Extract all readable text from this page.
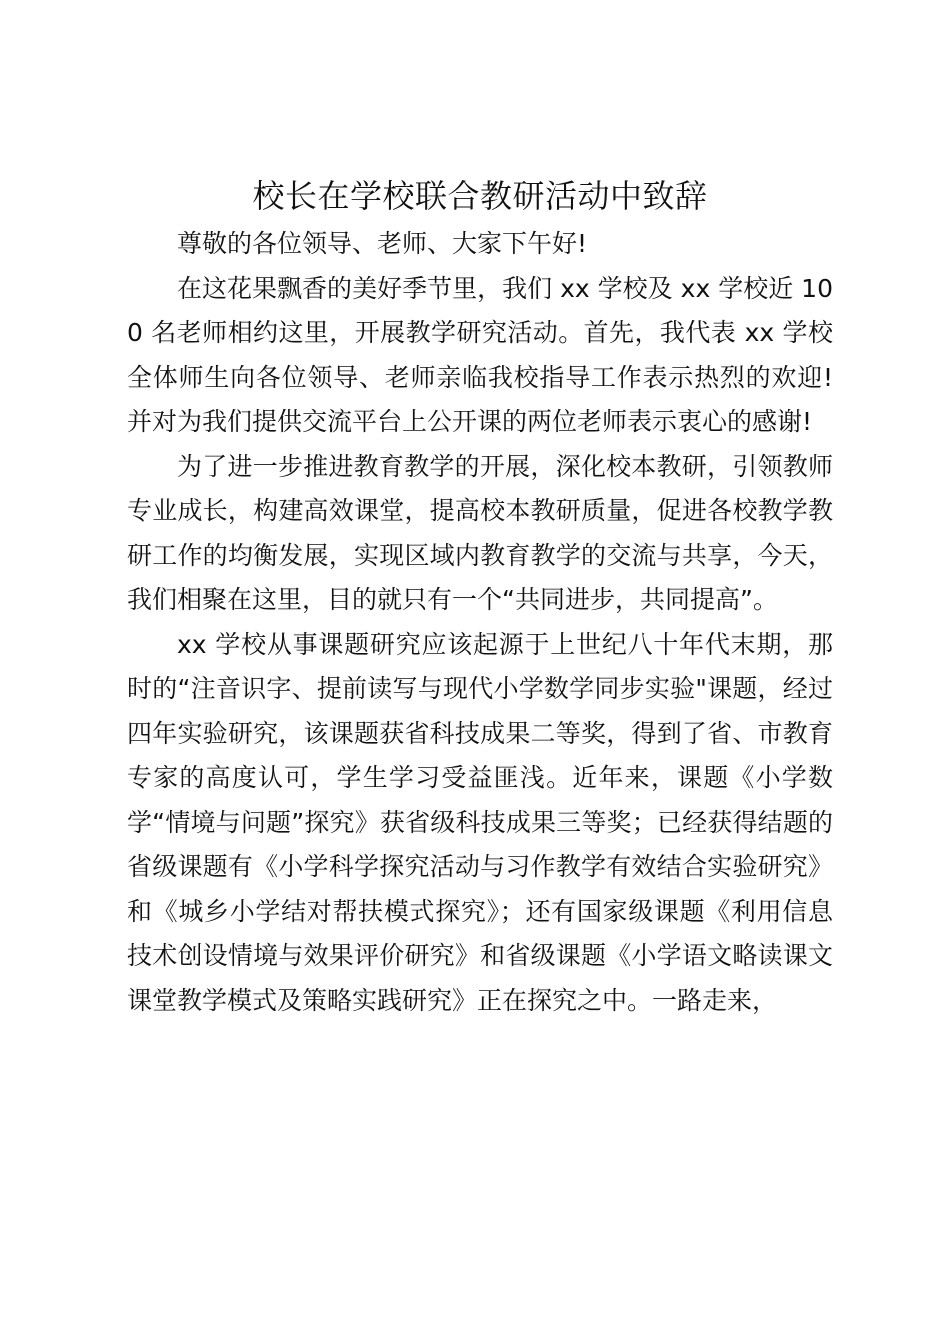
校长在学校联合教研活动中致辞

尊敬的各位领导、老师、大家下午好!

在这花果飘香的美好季节里，我们 xx 学校及 xx 学校近 100 名老师相约这里，开展教学研究活动。首先，我代表 xx 学校全体师生向各位领导、老师亲临我校指导工作表示热烈的欢迎!并对为我们提供交流平台上公开课的两位老师表示衷心的感谢!

为了进一步推进教育教学的开展，深化校本教研，引领教师专业成长，构建高效课堂，提高校本教研质量，促进各校教学教研工作的均衡发展，实现区域内教育教学的交流与共享，今天，我们相聚在这里，目的就只有一个“共同进步，共同提高”。

xx 学校从事课题研究应该起源于上世纪八十年代末期，那时的“注音识字、提前读写与现代小学数学同步实验"课题，经过四年实验研究，该课题获省科技成果二等奖，得到了省、市教育专家的高度认可，学生学习受益匪浅。近年来，课题《小学数学“情境与问题”探究》获省级科技成果三等奖；已经获得结题的省级课题有《小学科学探究活动与习作教学有效结合实验研究》和《城乡小学结对帮扶模式探究》；还有国家级课题《利用信息技术创设情境与效果评价研究》和省级课题《小学语文略读课文课堂教学模式及策略实践研究》正在探究之中。一路走来，
